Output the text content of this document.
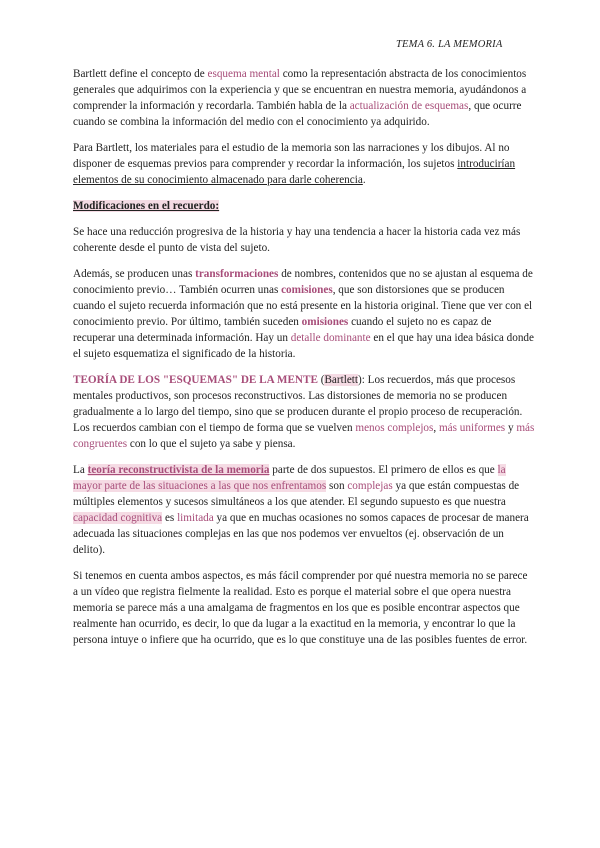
TEMA 6. LA MEMORIA

Bartlett define el concepto de esquema mental como la representación abstracta de los conocimientos generales que adquirimos con la experiencia y que se encuentran en nuestra memoria, ayudándonos a comprender la información y recordarla. También habla de la actualización de esquemas, que ocurre cuando se combina la información del medio con el conocimiento ya adquirido.

Para Bartlett, los materiales para el estudio de la memoria son las narraciones y los dibujos. Al no disponer de esquemas previos para comprender y recordar la información, los sujetos introducirían elementos de su conocimiento almacenado para darle coherencia.

Modificaciones en el recuerdo:

Se hace una reducción progresiva de la historia y hay una tendencia a hacer la historia cada vez más coherente desde el punto de vista del sujeto.

Además, se producen unas transformaciones de nombres, contenidos que no se ajustan al esquema de conocimiento previo… También ocurren unas comisiones, que son distorsiones que se producen cuando el sujeto recuerda información que no está presente en la historia original. Tiene que ver con el conocimiento previo. Por último, también suceden omisiones cuando el sujeto no es capaz de recuperar una determinada información. Hay un detalle dominante en el que hay una idea básica donde el sujeto esquematiza el significado de la historia.

TEORÍA DE LOS "ESQUEMAS" DE LA MENTE (Bartlett): Los recuerdos, más que procesos mentales productivos, son procesos reconstructivos. Las distorsiones de memoria no se producen gradualmente a lo largo del tiempo, sino que se producen durante el propio proceso de recuperación. Los recuerdos cambian con el tiempo de forma que se vuelven menos complejos, más uniformes y más congruentes con lo que el sujeto ya sabe y piensa.

La teoría reconstructivista de la memoria parte de dos supuestos. El primero de ellos es que la mayor parte de las situaciones a las que nos enfrentamos son complejas ya que están compuestas de múltiples elementos y sucesos simultáneos a los que atender. El segundo supuesto es que nuestra capacidad cognitiva es limitada ya que en muchas ocasiones no somos capaces de procesar de manera adecuada las situaciones complejas en las que nos podemos ver envueltos (ej. observación de un delito).

Si tenemos en cuenta ambos aspectos, es más fácil comprender por qué nuestra memoria no se parece a un vídeo que registra fielmente la realidad. Esto es porque el material sobre el que opera nuestra memoria se parece más a una amalgama de fragmentos en los que es posible encontrar aspectos que realmente han ocurrido, es decir, lo que da lugar a la exactitud en la memoria, y encontrar lo que la persona intuye o infiere que ha ocurrido, que es lo que constituye una de las posibles fuentes de error.
